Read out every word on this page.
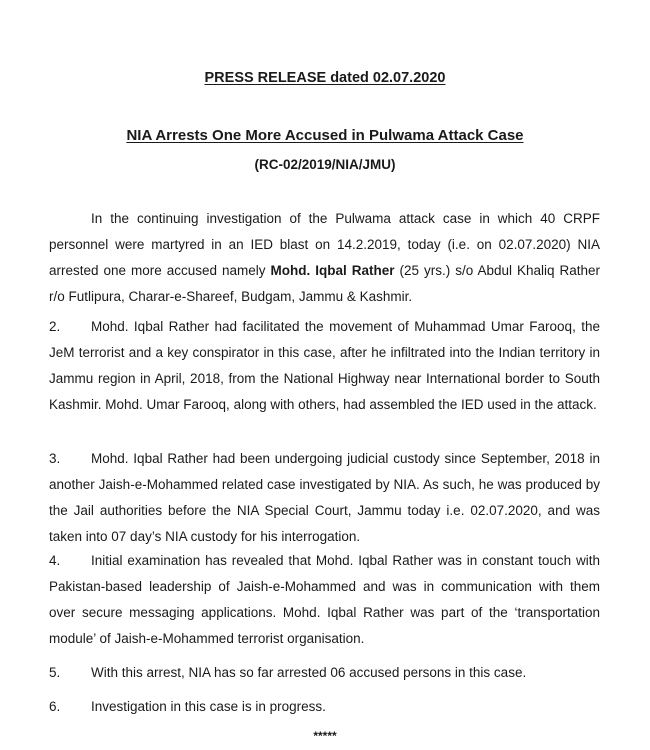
PRESS RELEASE dated 02.07.2020
NIA Arrests One More Accused in Pulwama Attack Case
(RC-02/2019/NIA/JMU)
In the continuing investigation of the Pulwama attack case in which 40 CRPF personnel were martyred in an IED blast on 14.2.2019, today (i.e. on 02.07.2020) NIA arrested one more accused namely Mohd. Iqbal Rather (25 yrs.) s/o Abdul Khaliq Rather r/o Futlipura, Charar-e-Shareef, Budgam, Jammu & Kashmir.
2. Mohd. Iqbal Rather had facilitated the movement of Muhammad Umar Farooq, the JeM terrorist and a key conspirator in this case, after he infiltrated into the Indian territory in Jammu region in April, 2018, from the National Highway near International border to South Kashmir. Mohd. Umar Farooq, along with others, had assembled the IED used in the attack.
3. Mohd. Iqbal Rather had been undergoing judicial custody since September, 2018 in another Jaish-e-Mohammed related case investigated by NIA. As such, he was produced by the Jail authorities before the NIA Special Court, Jammu today i.e. 02.07.2020, and was taken into 07 day’s NIA custody for his interrogation.
4. Initial examination has revealed that Mohd. Iqbal Rather was in constant touch with Pakistan-based leadership of Jaish-e-Mohammed and was in communication with them over secure messaging applications. Mohd. Iqbal Rather was part of the ‘transportation module’ of Jaish-e-Mohammed terrorist organisation.
5. With this arrest, NIA has so far arrested 06 accused persons in this case.
6. Investigation in this case is in progress.
*****
